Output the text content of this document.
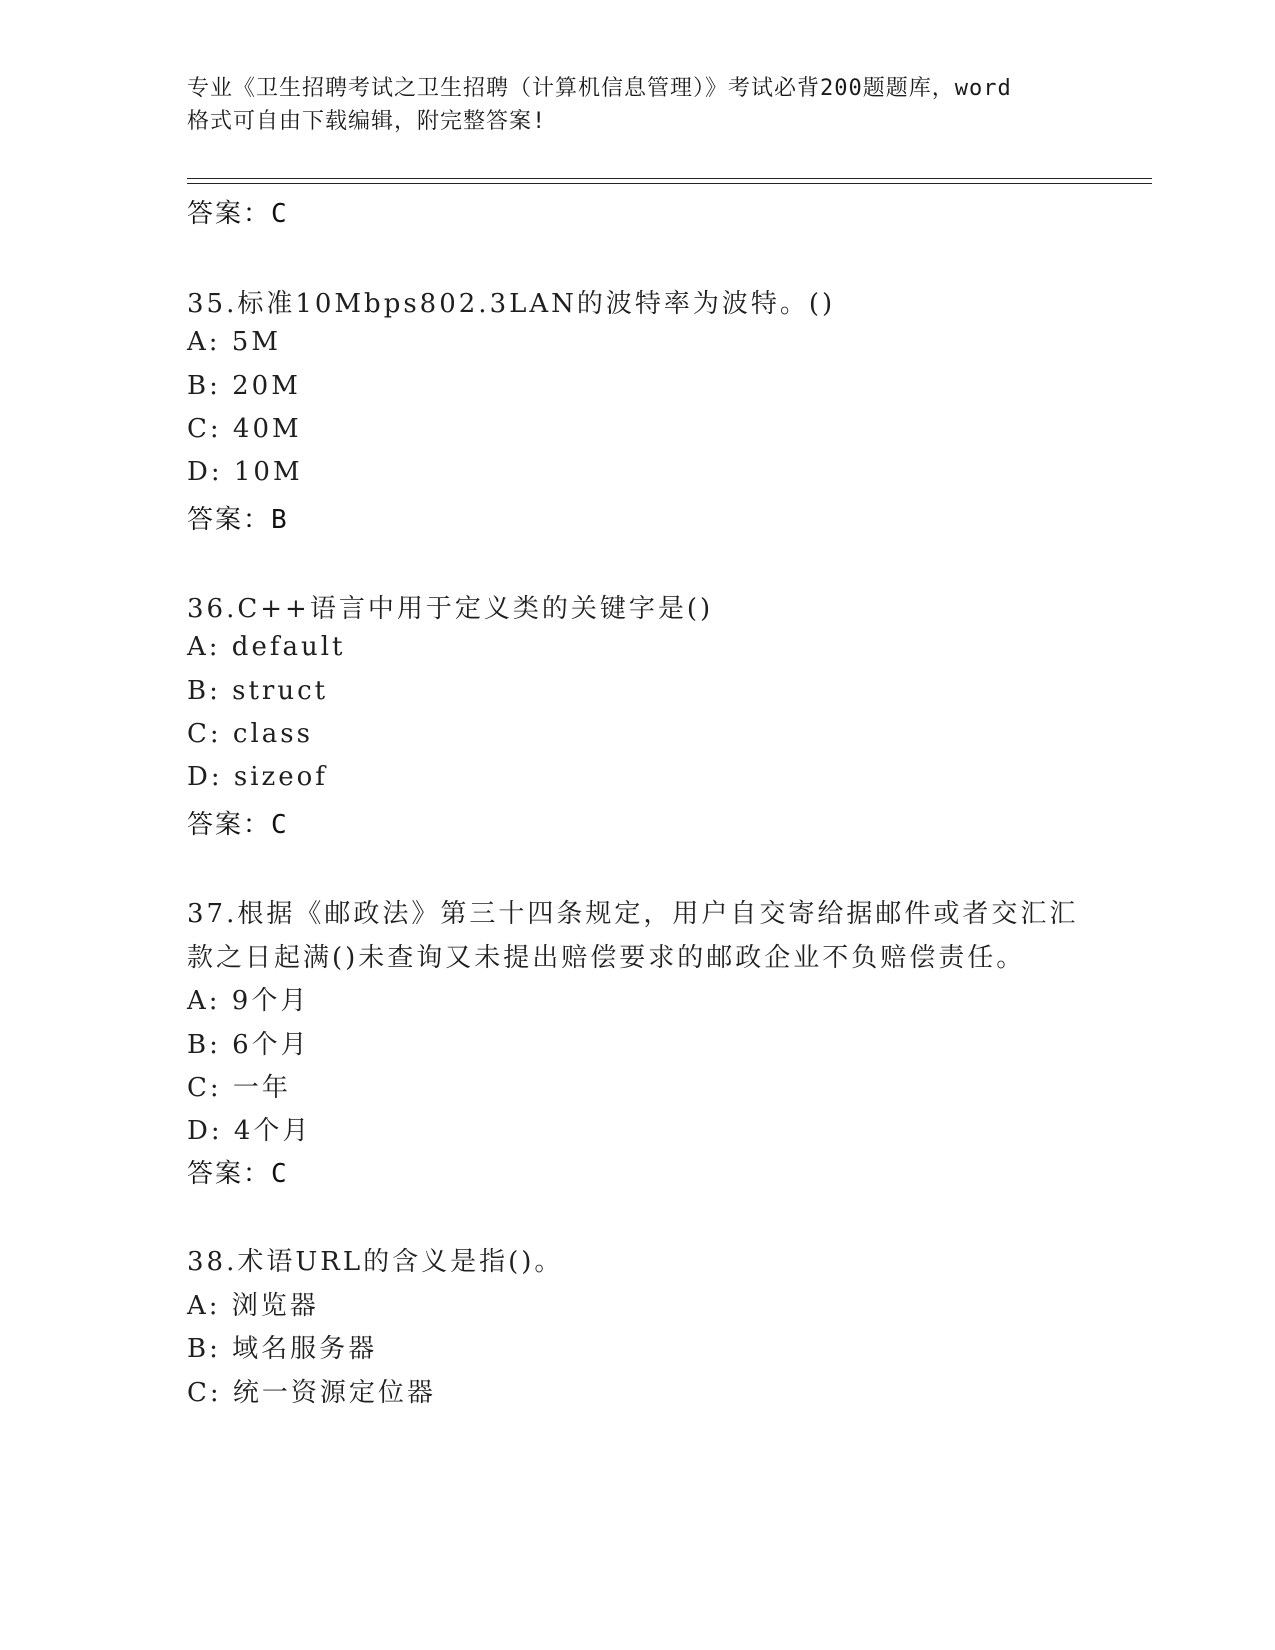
专业《卫生招聘考试之卫生招聘（计算机信息管理）》考试必背200题题库，word
格式可自由下载编辑，附完整答案!
答案：C
35.标准10Mbps802.3LAN的波特率为波特。()
A: 5M
B: 20M
C: 40M
D: 10M
答案：B
36.C++语言中用于定义类的关键字是()
A: default
B: struct
C: class
D: sizeof
答案：C
37.根据《邮政法》第三十四条规定，用户自交寄给据邮件或者交汇汇
款之日起满()未查询又未提出赔偿要求的邮政企业不负赔偿责任。
A: 9个月
B: 6个月
C: 一年
D: 4个月
答案：C
38.术语URL的含义是指()。
A: 浏览器
B: 域名服务器
C: 统一资源定位器
